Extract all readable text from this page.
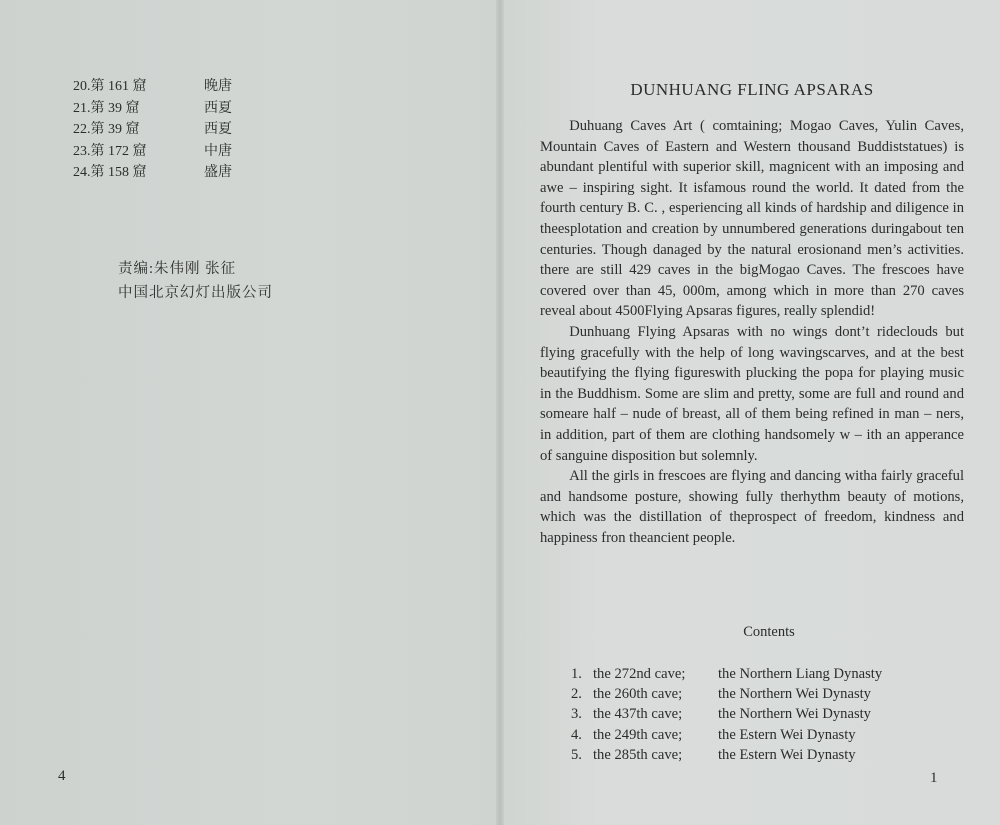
20.第 161 窟	晚唐
21.第 39 窟	西夏
22.第 39 窟	西夏
23.第 172 窟	中唐
24.第 158 窟	盛唐
责编:朱伟刚 张征
中国北京幻灯出版公司
4
DUNHUANG FLING APSARAS

Duhuang Caves Art ( comtaining; Mogao Caves, Yulin Caves, Mountain Caves of Eastern and Western thousand Buddiststatues) is abundant plentiful with superior skill, magnicent with an imposing and awe – inspiring sight. It isfamous round the world. It dated from the fourth century B. C. , esperiencing all kinds of hardship and diligence in theesplotation and creation by unnumbered generations duringabout ten centuries. Though danaged by the natural erosionand men’s activities. there are still 429 caves in the bigMogao Caves. The frescoes have covered over than 45, 000m, among which in more than 270 caves reveal about 4500Flying Apsaras figures, really splendid!

Dunhuang Flying Apsaras with no wings dont’t rideclouds but flying gracefully with the help of long wavingscarves, and at the best beautifying the flying figureswith plucking the popa for playing music in the Buddhism. Some are slim and pretty, some are full and round and someare half – nude of breast, all of them being refined in man – ners, in addition, part of them are clothing handsomely w – ith an apperance of sanguine disposition but solemnly.

All the girls in frescoes are flying and dancing witha fairly graceful and handsome posture, showing fully therhythm beauty of motions, which was the distillation of theprospect of freedom, kindness and happiness fron theancient people.

Contents
1. the 272nd cave;	the Northern Liang Dynasty
2. the 260th cave;	the Northern Wei Dynasty
3. the 437th cave;	the Northern Wei Dynasty
4. the 249th cave;	the Estern Wei Dynasty
5. the 285th cave;	the Estern Wei Dynasty
1
